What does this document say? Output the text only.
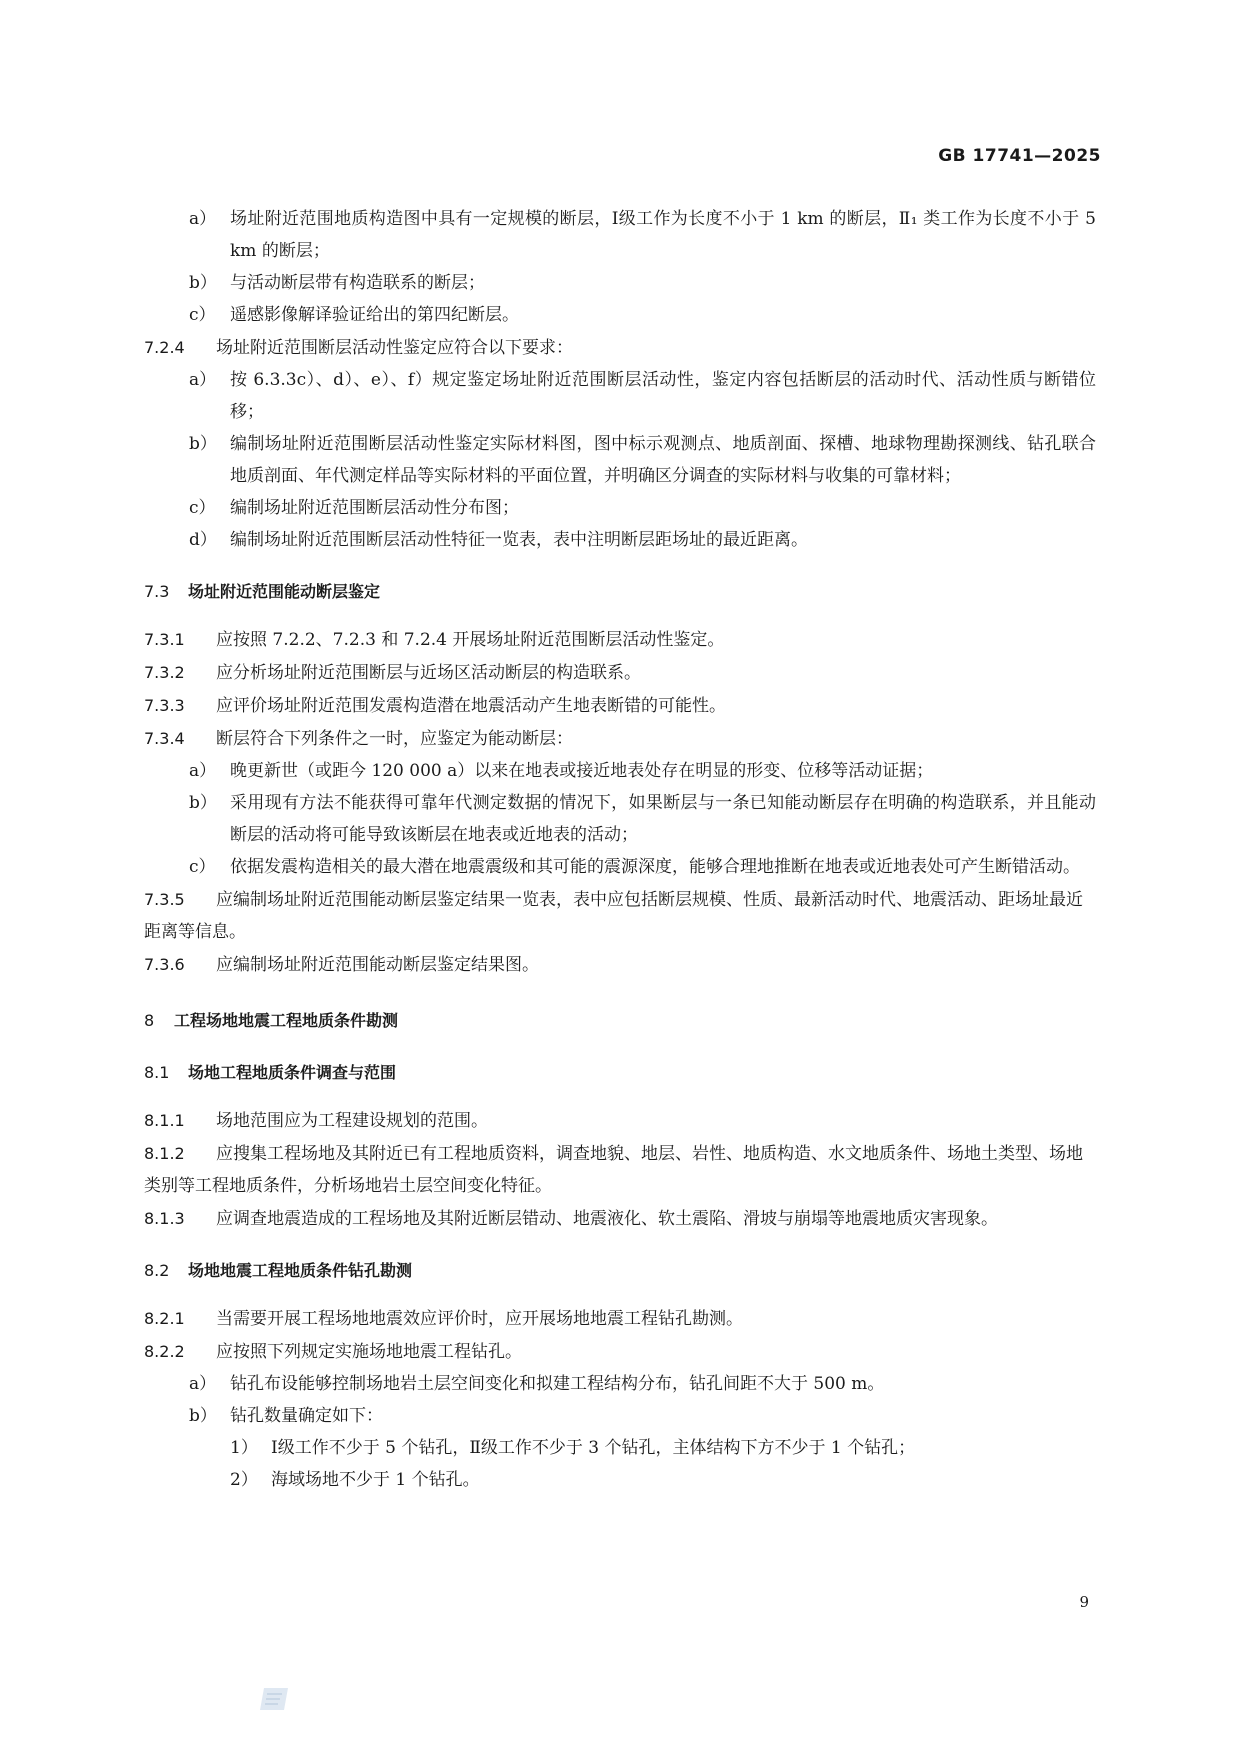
GB 17741—2025
a） 场址附近范围地质构造图中具有一定规模的断层，Ⅰ级工作为长度不小于 1 km 的断层，Ⅱ₁ 类工作为长度不小于 5 km 的断层；
b） 与活动断层带有构造联系的断层；
c） 遥感影像解译验证给出的第四纪断层。
7.2.4	场址附近范围断层活动性鉴定应符合以下要求：
a） 按 6.3.3c）、d）、e）、f）规定鉴定场址附近范围断层活动性，鉴定内容包括断层的活动时代、活动性质与断错位移；
b） 编制场址附近范围断层活动性鉴定实际材料图，图中标示观测点、地质剖面、探槽、地球物理勘探测线、钻孔联合地质剖面、年代测定样品等实际材料的平面位置，并明确区分调查的实际材料与收集的可靠材料；
c） 编制场址附近范围断层活动性分布图；
d） 编制场址附近范围断层活动性特征一览表，表中注明断层距场址的最近距离。
7.3 场址附近范围能动断层鉴定
7.3.1	应按照 7.2.2、7.2.3 和 7.2.4 开展场址附近范围断层活动性鉴定。
7.3.2	应分析场址附近范围断层与近场区活动断层的构造联系。
7.3.3	应评价场址附近范围发震构造潜在地震活动产生地表断错的可能性。
7.3.4	断层符合下列条件之一时，应鉴定为能动断层：
a） 晚更新世（或距今 120 000 a）以来在地表或接近地表处存在明显的形变、位移等活动证据；
b） 采用现有方法不能获得可靠年代测定数据的情况下，如果断层与一条已知能动断层存在明确的构造联系，并且能动断层的活动将可能导致该断层在地表或近地表的活动；
c） 依据发震构造相关的最大潜在地震震级和其可能的震源深度，能够合理地推断在地表或近地表处可产生断错活动。
7.3.5 应编制场址附近范围能动断层鉴定结果一览表，表中应包括断层规模、性质、最新活动时代、地震活动、距场址最近距离等信息。
7.3.6	应编制场址附近范围能动断层鉴定结果图。
8 工程场地地震工程地质条件勘测
8.1 场地工程地质条件调查与范围
8.1.1	场地范围应为工程建设规划的范围。
8.1.2 应搜集工程场地及其附近已有工程地质资料，调查地貌、地层、岩性、地质构造、水文地质条件、场地土类型、场地类别等工程地质条件，分析场地岩土层空间变化特征。
8.1.3 应调查地震造成的工程场地及其附近断层错动、地震液化、软土震陷、滑坡与崩塌等地震地质灾害现象。
8.2 场地地震工程地质条件钻孔勘测
8.2.1	当需要开展工程场地地震效应评价时，应开展场地地震工程钻孔勘测。
8.2.2	应按照下列规定实施场地地震工程钻孔。
a） 钻孔布设能够控制场地岩土层空间变化和拟建工程结构分布，钻孔间距不大于 500 m。
b） 钻孔数量确定如下：
1） Ⅰ级工作不少于 5 个钻孔，Ⅱ级工作不少于 3 个钻孔，主体结构下方不少于 1 个钻孔；
2） 海域场地不少于 1 个钻孔。
9
